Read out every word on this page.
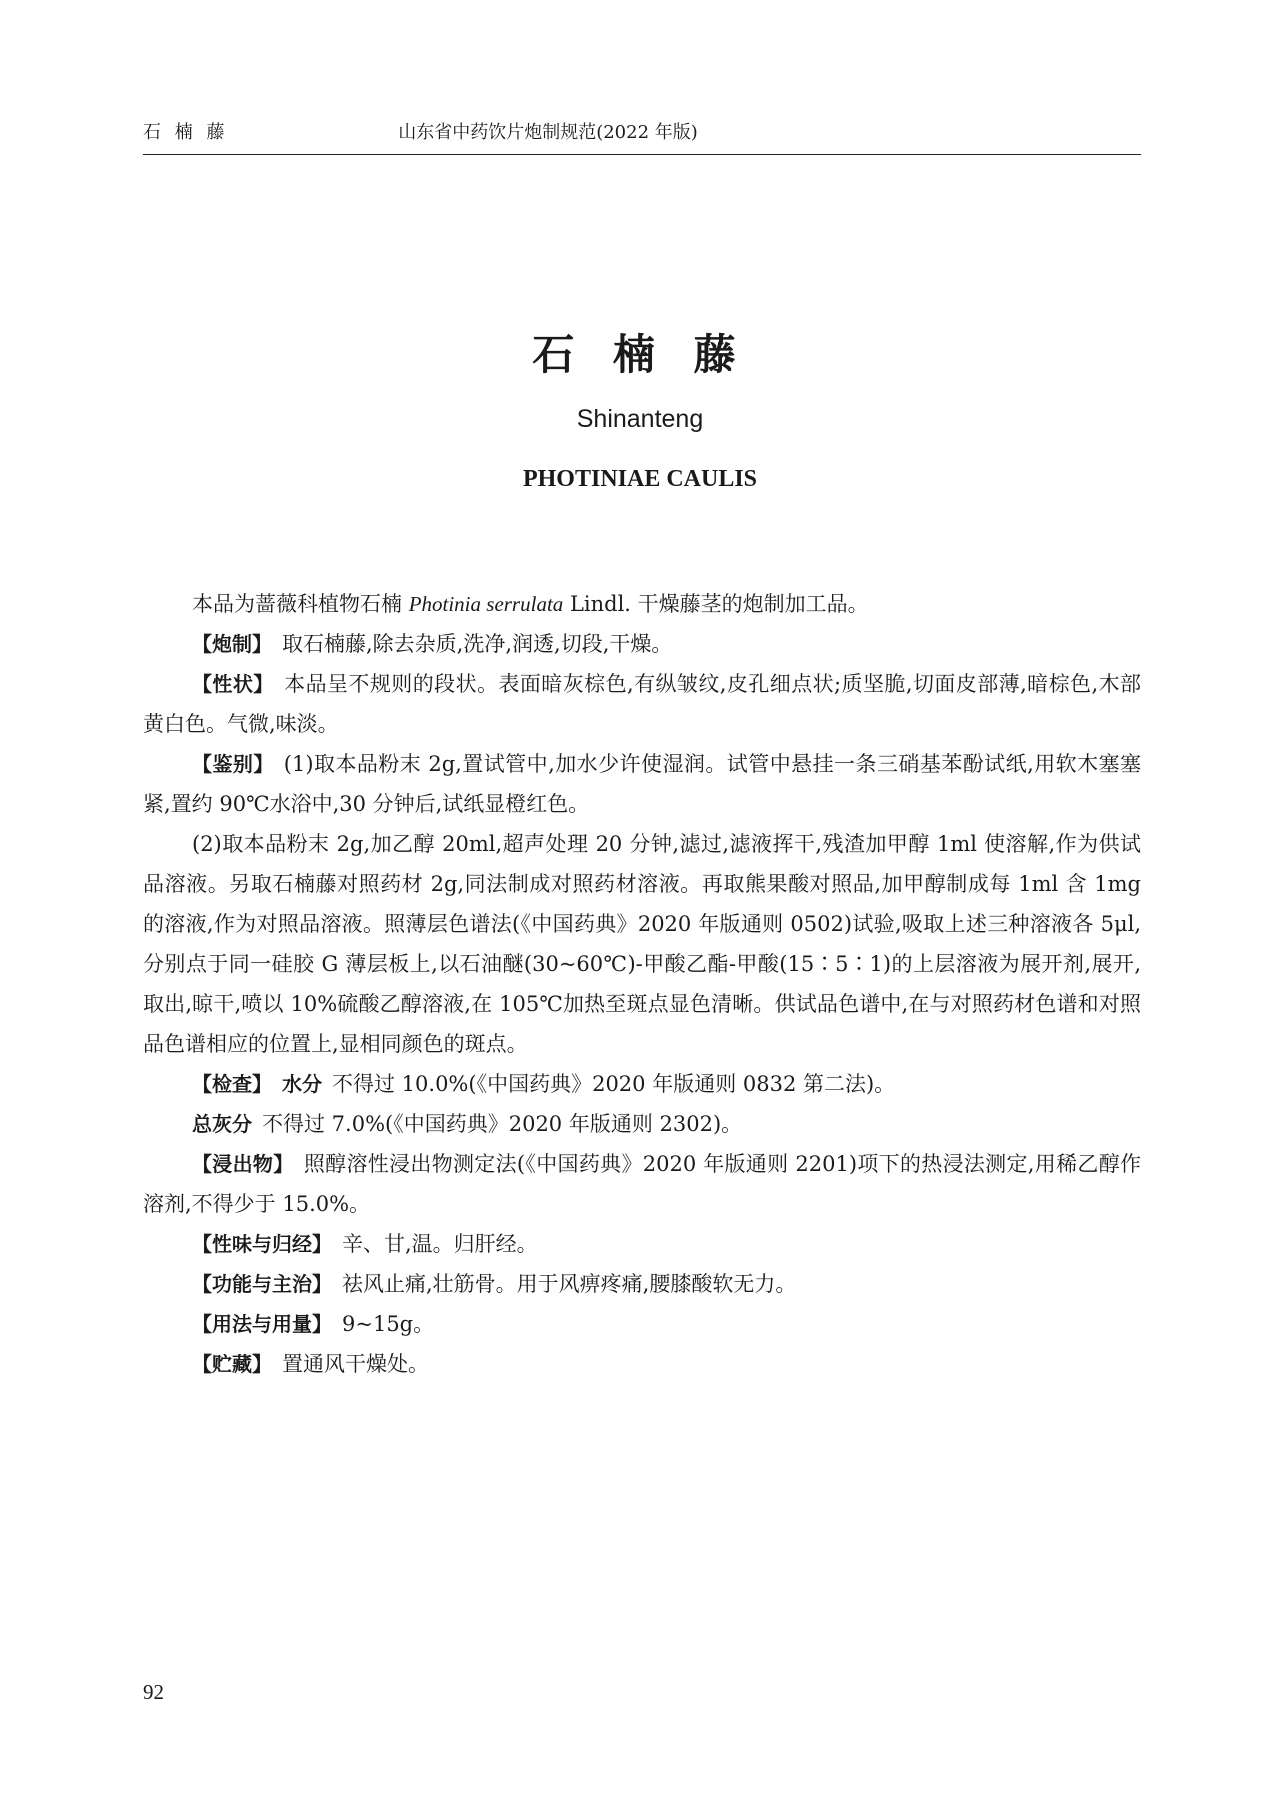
石 楠 藤	山东省中药饮片炮制规范(2022 年版)
石 楠 藤
Shinanteng
PHOTINIAE CAULIS

本品为蔷薇科植物石楠 Photinia serrulata Lindl. 干燥藤茎的炮制加工品。

【炮制】 取石楠藤,除去杂质,洗净,润透,切段,干燥。

【性状】 本品呈不规则的段状。表面暗灰棕色,有纵皱纹,皮孔细点状;质坚脆,切面皮部薄,暗棕色,木部黄白色。气微,味淡。

【鉴别】 (1)取本品粉末 2g,置试管中,加水少许使湿润。试管中悬挂一条三硝基苯酚试纸,用软木塞塞紧,置约 90℃水浴中,30 分钟后,试纸显橙红色。

(2)取本品粉末 2g,加乙醇 20ml,超声处理 20 分钟,滤过,滤液挥干,残渣加甲醇 1ml 使溶解,作为供试品溶液。另取石楠藤对照药材 2g,同法制成对照药材溶液。再取熊果酸对照品,加甲醇制成每 1ml 含 1mg 的溶液,作为对照品溶液。照薄层色谱法(《中国药典》2020 年版通则 0502)试验,吸取上述三种溶液各 5μl,分别点于同一硅胶 G 薄层板上,以石油醚(30~60℃)-甲酸乙酯-甲酸(15∶5∶1)的上层溶液为展开剂,展开,取出,晾干,喷以 10%硫酸乙醇溶液,在 105℃加热至斑点显色清晰。供试品色谱中,在与对照药材色谱和对照品色谱相应的位置上,显相同颜色的斑点。

【检查】 水分 不得过 10.0%(《中国药典》2020 年版通则 0832 第二法)。

总灰分 不得过 7.0%(《中国药典》2020 年版通则 2302)。

【浸出物】 照醇溶性浸出物测定法(《中国药典》2020 年版通则 2201)项下的热浸法测定,用稀乙醇作溶剂,不得少于 15.0%。

【性味与归经】 辛、甘,温。归肝经。

【功能与主治】 祛风止痛,壮筋骨。用于风痹疼痛,腰膝酸软无力。

【用法与用量】 9~15g。

【贮藏】 置通风干燥处。

92
